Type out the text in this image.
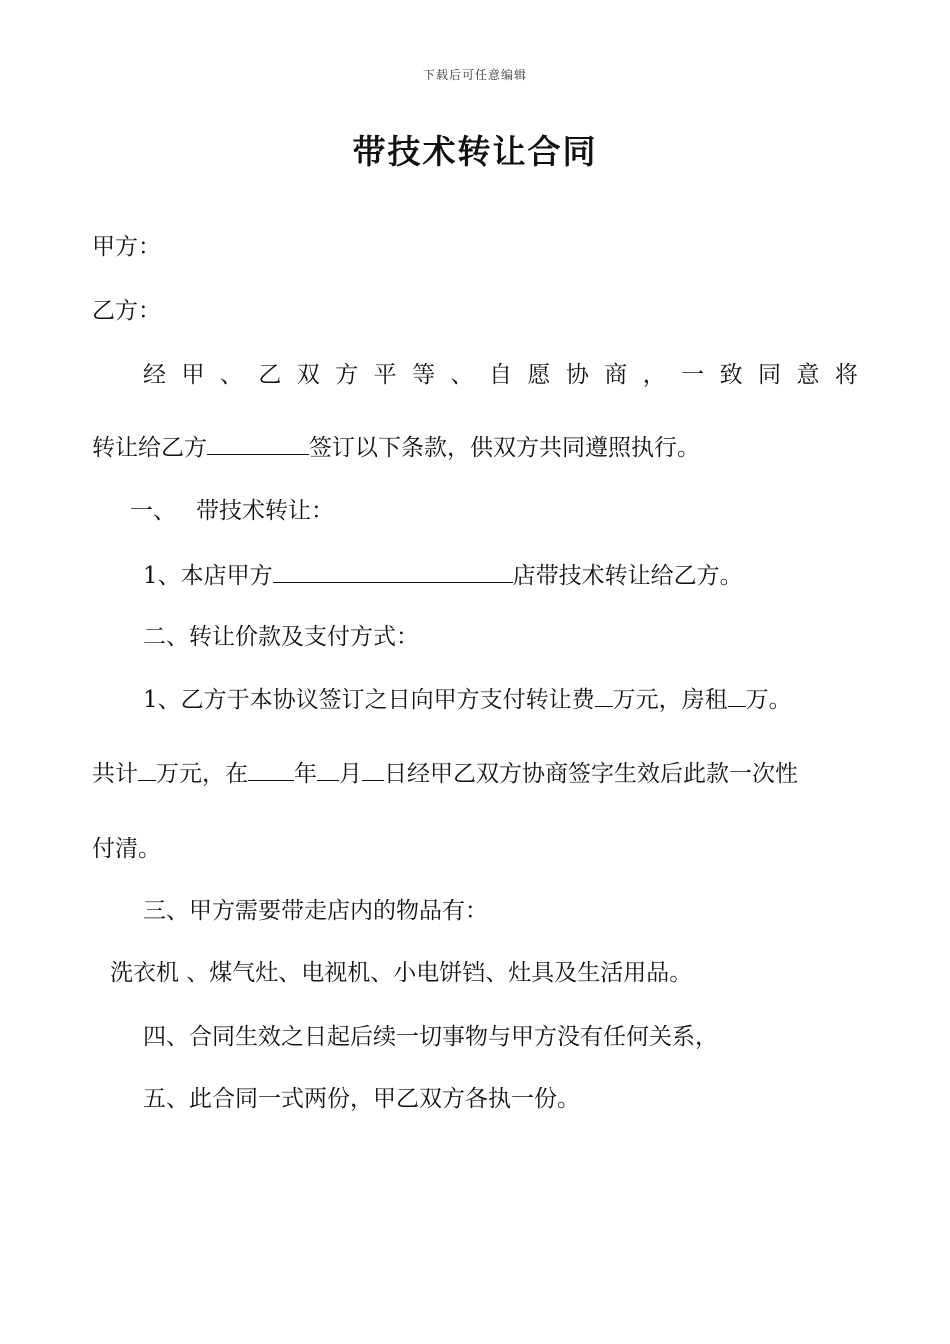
下载后可任意编辑
带技术转让合同
甲方：
乙方：
经 甲 、 乙 双 方 平 等 、 自 愿 协 商 ， 一 致 同 意 将
转让给乙方	签订以下条款，供双方共同遵照执行。
一、 带技术转让：
1、本店甲方	店带技术转让给乙方。
二、转让价款及支付方式：
1、乙方于本协议签订之日向甲方支付转让费 万元，房租 万。
共计 万元，在 年 月 日经甲乙双方协商签字生效后此款一次性
付清。
三、甲方需要带走店内的物品有：
洗衣机 、煤气灶、电视机、小电饼铛、灶具及生活用品。
四、合同生效之日起后续一切事物与甲方没有任何关系，
五、此合同一式两份，甲乙双方各执一份。
